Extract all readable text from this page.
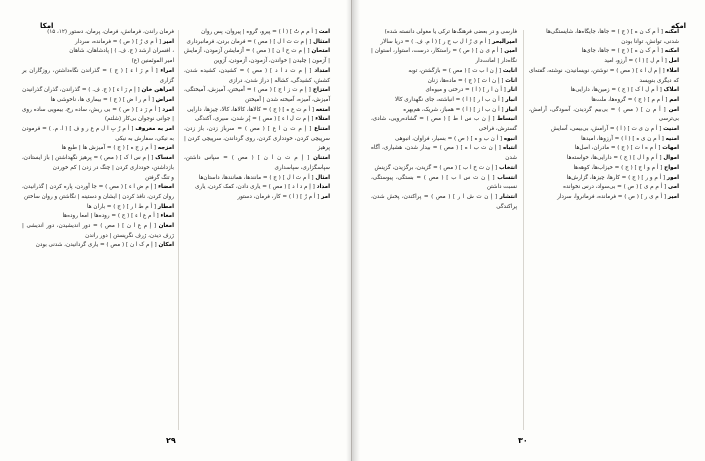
امکا

فرمان راندن، فرمانش، فرمان، پرمان، دستور (۱۲، ۱۵)

امیر [ أ م ی رُ ] ( ص ) = فرمانده، سردار

، افسران ارشد ( ج. ف. ) | پادشاهان، شاهان

امیر الموئمنین (ع)

امراء [ أ م رَ ا ء ] ( ج ) = گذراندن نگاه‌داشتن، روزگاران بر گزاری

امراهن خان [ إ م رَ ا ء ] ( ج. ف. ) = گذراندن، گذران گذرانیدن

امراض [ أ م ر ا ض ] ( ج ) = بیماری ها، ناخوشی ها

امرد [ أ م رَ د ] ( ص ) = بی ریش، ساده رخ، بیمویی ساده روی | جوانی نوجوان بی‌کار (شلتم)

امر به معروف [ أ م رٌ بِ ا ل م ع ر و ف ] ( ا. م. ) = فرمودن به نیکی، سفارش به نیکی

امزجه [ أ م ز ج ه ] ( ج ) = آمیزش ها | طبع ها

امساک [ إ م س ا ک ] ( مص ) = پرهیز نگهداشتن | باز ایستادن، بازداشتن، خودداری کردن | چنگ در زدن | کم خوردن

و تنگ گرفتن

امضاء [ إ م ض ا ء ] ( مص ) = جا آوردن، پاره کردن | گذرانیدن، روان کردن، نافذ کردن | ایشان و دستینه | نگاشتن و روان ساختن

امطار [ أ م ط ا ر ] ( ج ) = باران ها

امعاء [ أ م ع ا ء ] ( ج ) = روده‌ها | امعا روده‌ها

امعان [ إ م ع ا ن ] ( مص ) = دور اندیشیدن، دور اندیشی | ژرف دیدن، ژرف نگریستن | دور راندن

امکان [ إ م ک ا ن ] ( مص ) = یاری گردانیدن، شدنی بودن

امت [ أ م م تُ ] ( ا ) = پیرو، گروه | پیروان، پس روان

امتثال [ إ م ت ث ا ل ] ( مص ) = فرمان بردن، فرمانبرداری

امتحان [ إ م ت ح ا ن ] ( مص ) = آزمایشن آزمودن، آزمایش | آزمون | چلیدن | خواندن، آزمودن، آزمودن، آزوین

امتداد [ إ م ت د ا د ] ( مص ) = کشیدن، کشیده شدن، کشش، کشیدگی، کشاله | دراز شدن، درازی

امتزاج [ إ م ت ز ا ج ] ( مص ) = آمیختن، آمیزش، آمیختگی، آمیزش، آمیزه، آمیخته شدن | آمیختن

امتعه [ أ م ت ع ه ] ( ج ) = کالاها، کالاها، کالا، چیزها، دارایی

امتلاء [ إ م ت ل ا ء ] ( مص ) = پُر شدن، سیری، آکندگی

امتناع [ إ م ت ن ا ع ] ( مص ) = سرباز زدن، باز زدن، سرپیچی کردن، خودداری کردن، روی گرداندن، سرپیچی کردن | پرهیز

امتنان [ إ م ت ن ا ن ] ( مص ) = سپاس داشتن، سپاسگزاری، سپاسداری

امثال [ أ م ث ا ل ] ( ج ) = مانندها، همانندها، داستان‌ها

امداد [ إ م د ا د ] ( مص ) = یاری دادن، کمک کردن، یاری

امر [ أ م رٌ ] ( ا ) = کار، فرمان، دستور

۲۹
امکه

فارسی و در بعضی فرهنگ‌ها ترکی یا مغولی دانسته شده)

امیرالبحر [ أ م ی رُ ا ل ب ح ر ] ( ا م. ف. ) = دریا سالار

امین [ أ م ی ن ] ( ص ) = راستکار، درست، استوار، استوان | نگاه‌دار | امانت‌دار

انابت [ إ ن ا ب ت ] ( مص ) = بازگشتن، توبه

اناث [ إ ن ا ث ] ( ج ) = ماده‌ها، زنان

انار [ أ ن ا ر ] ( ا ) = درختی و میوه‌ای

انبار [ أ ن ب ا ر ] ( ا ) = انباشته، جای نگهداری کالا

انباز [ أ ن ب ا ز ] ( ا ) = همباز، شریک، هم‌بهره

انبساط [ إ ن ب س ا ط ] ( مص ) = گشاده‌رویی، شادی، گسترش، فراخی

انبوه [ أ ن ب و ه ] ( ص ) = بسیار، فراوان، انبوهی

انتباه [ إ ن ت ب ا ه ] ( مص ) = بیدار شدن، هشیاری، آگاه شدن

انتخاب [ إ ن ت خ ا ب ] ( مص ) = گزیدن، برگزیدن، گزینش

انتساب [ إ ن ت س ا ب ] ( مص ) = بستگی، پیوستگی، نسبت داشتن

انتشار [ إ ن ت ش ا ر ] ( مص ) = پراکندن، پخش شدن، پراکندگی

امکنه [ أ م ک ن ه ] ( ج ) = جاها، جایگاه‌ها، شایستگی‌ها

شدنی، توانش، توانا بودن

امکنه [ أ م ک ن ه ] ( ج ) = جاها، جای‌ها

امل [ أ م ل ] ( ا ) = آرزو، امید

املاء [ إ م ل ا ء ] ( مص ) = نوشتن، نویسانیدن، نوشته، گفته‌ای که دیگری بنویسد

املاک [ أ م ل ا ک ] ( ج ) = زمین‌ها، دارایی‌ها

امم [ أ م م ] ( ج ) = گروه‌ها، ملت‌ها

امن [ أ م ن ] ( مص ) = بی‌بیم گردیدن، آسودگی، آرامش، بی‌ترسی

امنیت [ أ م ن ی ت ] ( ا ) = آرامش، بی‌بیمی، آسایش

امنیه [ أ م ن ی ه ] ( ا ) = آرزوها، امیدها

امهات [ أ م ه ا ت ] ( ج ) = مادران، اصل‌ها

اموال [ أ م و ا ل ] ( ج ) = دارایی‌ها، خواسته‌ها

امواج [ أ م و ا ج ] ( ج ) = خیزاب‌ها، کوهه‌ها

امور [ أ م و ر ] ( ج ) = کارها، چیزها، گزارش‌ها

امی [ أ م م ی ] ( ص ) = بی‌سواد، درس نخوانده

امیر [ أ م ی ر ] ( ص ) = فرمانده، فرمانروا، سردار

۳۰
